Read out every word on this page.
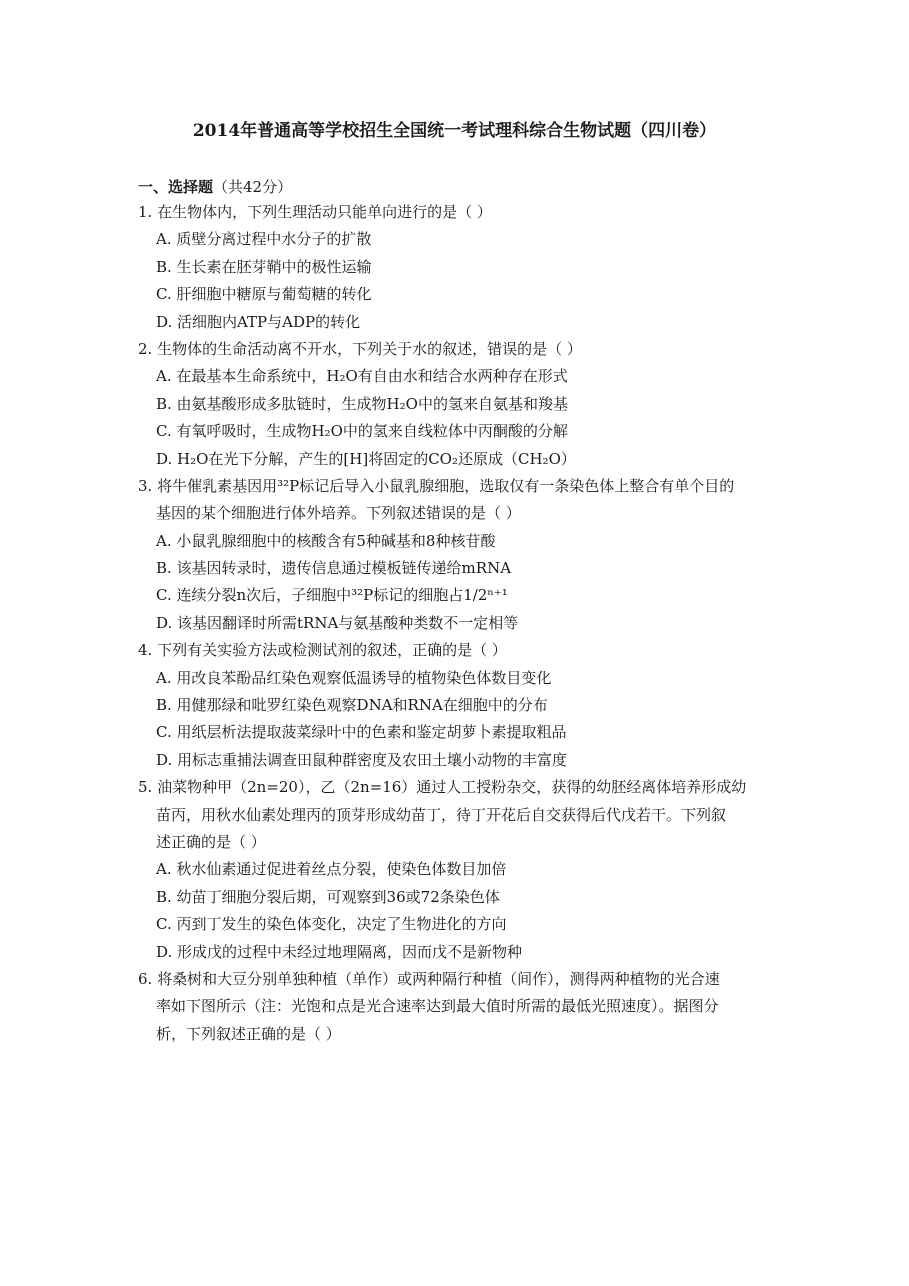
2014年普通高等学校招生全国统一考试理科综合生物试题（四川卷）
一、选择题（共42分）
1. 在生物体内，下列生理活动只能单向进行的是（ ）
A. 质壁分离过程中水分子的扩散
B. 生长素在胚芽鞘中的极性运输
C. 肝细胞中糖原与葡萄糖的转化
D. 活细胞内ATP与ADP的转化
2. 生物体的生命活动离不开水，下列关于水的叙述，错误的是（ ）
A. 在最基本生命系统中，H₂O有自由水和结合水两种存在形式
B. 由氨基酸形成多肽链时，生成物H₂O中的氢来自氨基和羧基
C. 有氧呼吸时，生成物H₂O中的氢来自线粒体中丙酮酸的分解
D. H₂O在光下分解，产生的[H]将固定的CO₂还原成（CH₂O）
3. 将牛催乳素基因用³²P标记后导入小鼠乳腺细胞，选取仅有一条染色体上整合有单个目的
基因的某个细胞进行体外培养。下列叙述错误的是（ ）
A. 小鼠乳腺细胞中的核酸含有5种碱基和8种核苷酸
B. 该基因转录时，遗传信息通过模板链传递给mRNA
C. 连续分裂n次后，子细胞中³²P标记的细胞占1/2ⁿ⁺¹
D. 该基因翻译时所需tRNA与氨基酸种类数不一定相等
4. 下列有关实验方法或检测试剂的叙述，正确的是（ ）
A. 用改良苯酚品红染色观察低温诱导的植物染色体数目变化
B. 用健那绿和吡罗红染色观察DNA和RNA在细胞中的分布
C. 用纸层析法提取菠菜绿叶中的色素和鉴定胡萝卜素提取粗品
D. 用标志重捕法调查田鼠种群密度及农田土壤小动物的丰富度
5. 油菜物种甲（2n=20），乙（2n=16）通过人工授粉杂交，获得的幼胚经离体培养形成幼
苗丙，用秋水仙素处理丙的顶芽形成幼苗丁，待丁开花后自交获得后代戊若干。下列叙
述正确的是（ ）
A. 秋水仙素通过促进着丝点分裂，使染色体数目加倍
B. 幼苗丁细胞分裂后期，可观察到36或72条染色体
C. 丙到丁发生的染色体变化，决定了生物进化的方向
D. 形成戊的过程中未经过地理隔离，因而戊不是新物种
6. 将桑树和大豆分别单独种植（单作）或两种隔行种植（间作），测得两种植物的光合速
率如下图所示（注：光饱和点是光合速率达到最大值时所需的最低光照速度）。据图分
析，下列叙述正确的是（ ）
